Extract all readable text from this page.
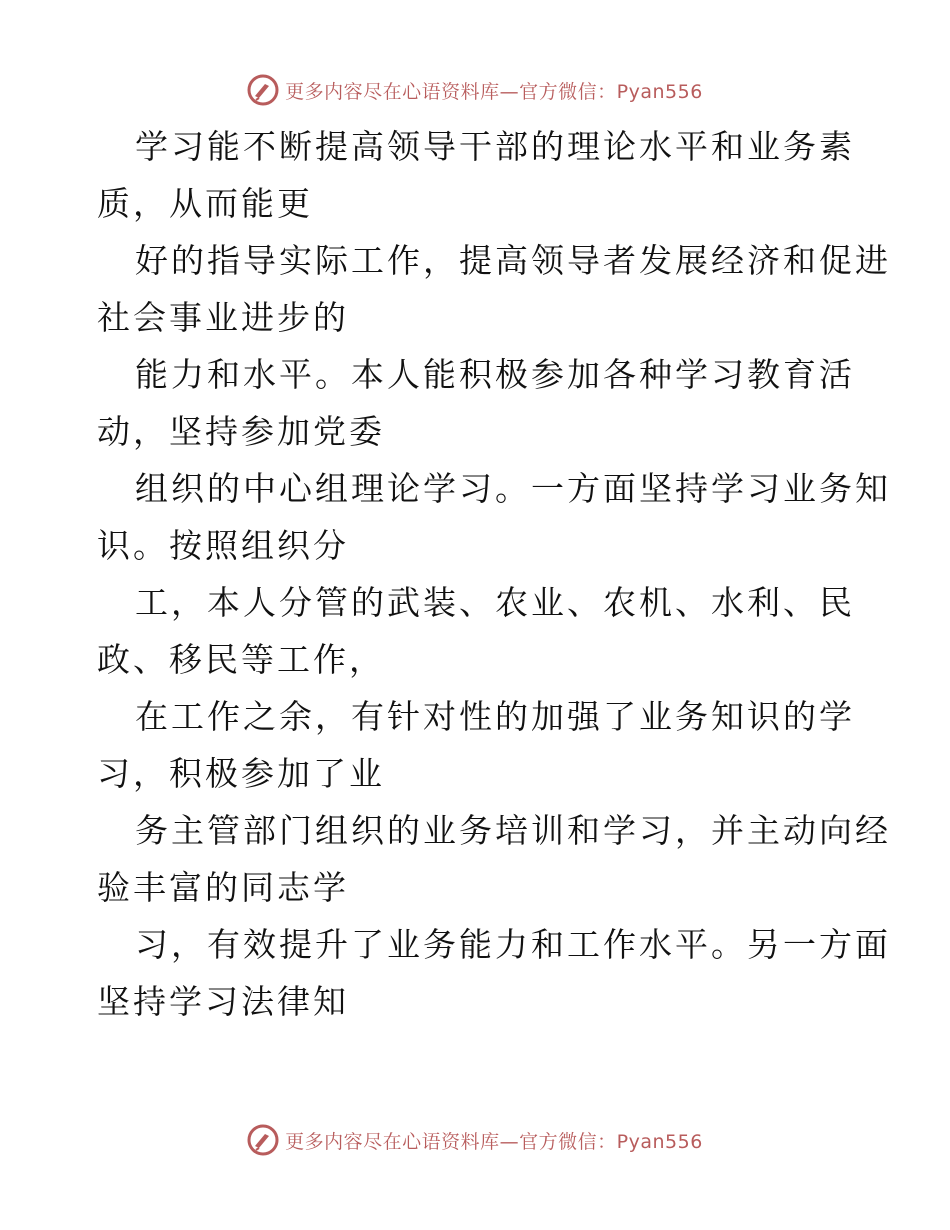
更多内容尽在心语资料库—官方微信：Pyan556

学习能不断提高领导干部的理论水平和业务素
质，从而能更

好的指导实际工作，提高领导者发展经济和促进
社会事业进步的

能力和水平。本人能积极参加各种学习教育活
动，坚持参加党委

组织的中心组理论学习。一方面坚持学习业务知
识。按照组织分

工，本人分管的武装、农业、农机、水利、民
政、移民等工作，

在工作之余，有针对性的加强了业务知识的学
习，积极参加了业

务主管部门组织的业务培训和学习，并主动向经
验丰富的同志学

习，有效提升了业务能力和工作水平。另一方面
坚持学习法律知

更多内容尽在心语资料库—官方微信：Pyan556
